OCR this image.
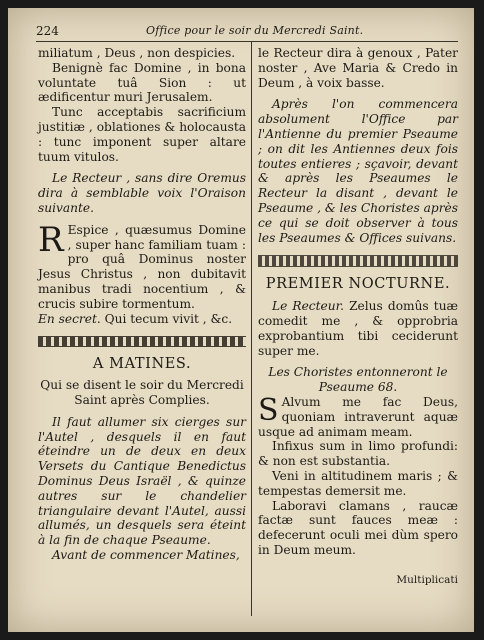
224	Office pour le soir du Mercredi Saint.

miliatum , Deus , non despicies.

Benignè fac Domine , in bona voluntate tuâ Sion : ut ædificentur muri Jerusalem.

Tunc acceptabis sacrificium justitiæ , oblationes & holocausta : tunc imponent super altare tuum vitulos.

Le Recteur , sans dire Oremus dira à semblable voix l'Oraison suivante.

R Espice , quæsumus Domine , super hanc familiam tuam : pro quâ Dominus noster Jesus Christus , non dubitavit manibus tradi nocentium , & crucis subire tormentum.

En secret. Qui tecum vivit , &c.

A MATINES.

Qui se disent le soir du Mercredi Saint après Complies.

Il faut allumer six cierges sur l'Autel , desquels il en faut éteindre un de deux en deux Versets du Cantique Benedictus Dominus Deus Israël , & quinze autres sur le chandelier triangulaire devant l'Autel, aussi allumés, un desquels sera éteint à la fin de chaque Pseaume.

Avant de commencer Matines,

le Recteur dira à genoux , Pater noster , Ave Maria & Credo in Deum , à voix basse.

Après l'on commencera absolument l'Office par l'Antienne du premier Pseaume ; on dit les Antiennes deux fois toutes entieres ; sçavoir, devant & après les Pseaumes le Recteur la disant , devant le Pseaume , & les Choristes après ce qui se doit observer à tous les Pseaumes & Offices suivans.

PREMIER NOCTURNE.

Le Recteur. Zelus domûs tuæ comedit me , & opprobria exprobantium tibi ceciderunt super me.

Les Choristes entonneront le Pseaume 68.

S Alvum me fac Deus, quoniam intraverunt aquæ usque ad animam meam.

Infixus sum in limo profundi: & non est substantia.

Veni in altitudinem maris ; & tempestas demersit me.

Laboravi clamans , raucæ factæ sunt fauces meæ : defecerunt oculi mei dùm spero in Deum meum.

Multiplicati
